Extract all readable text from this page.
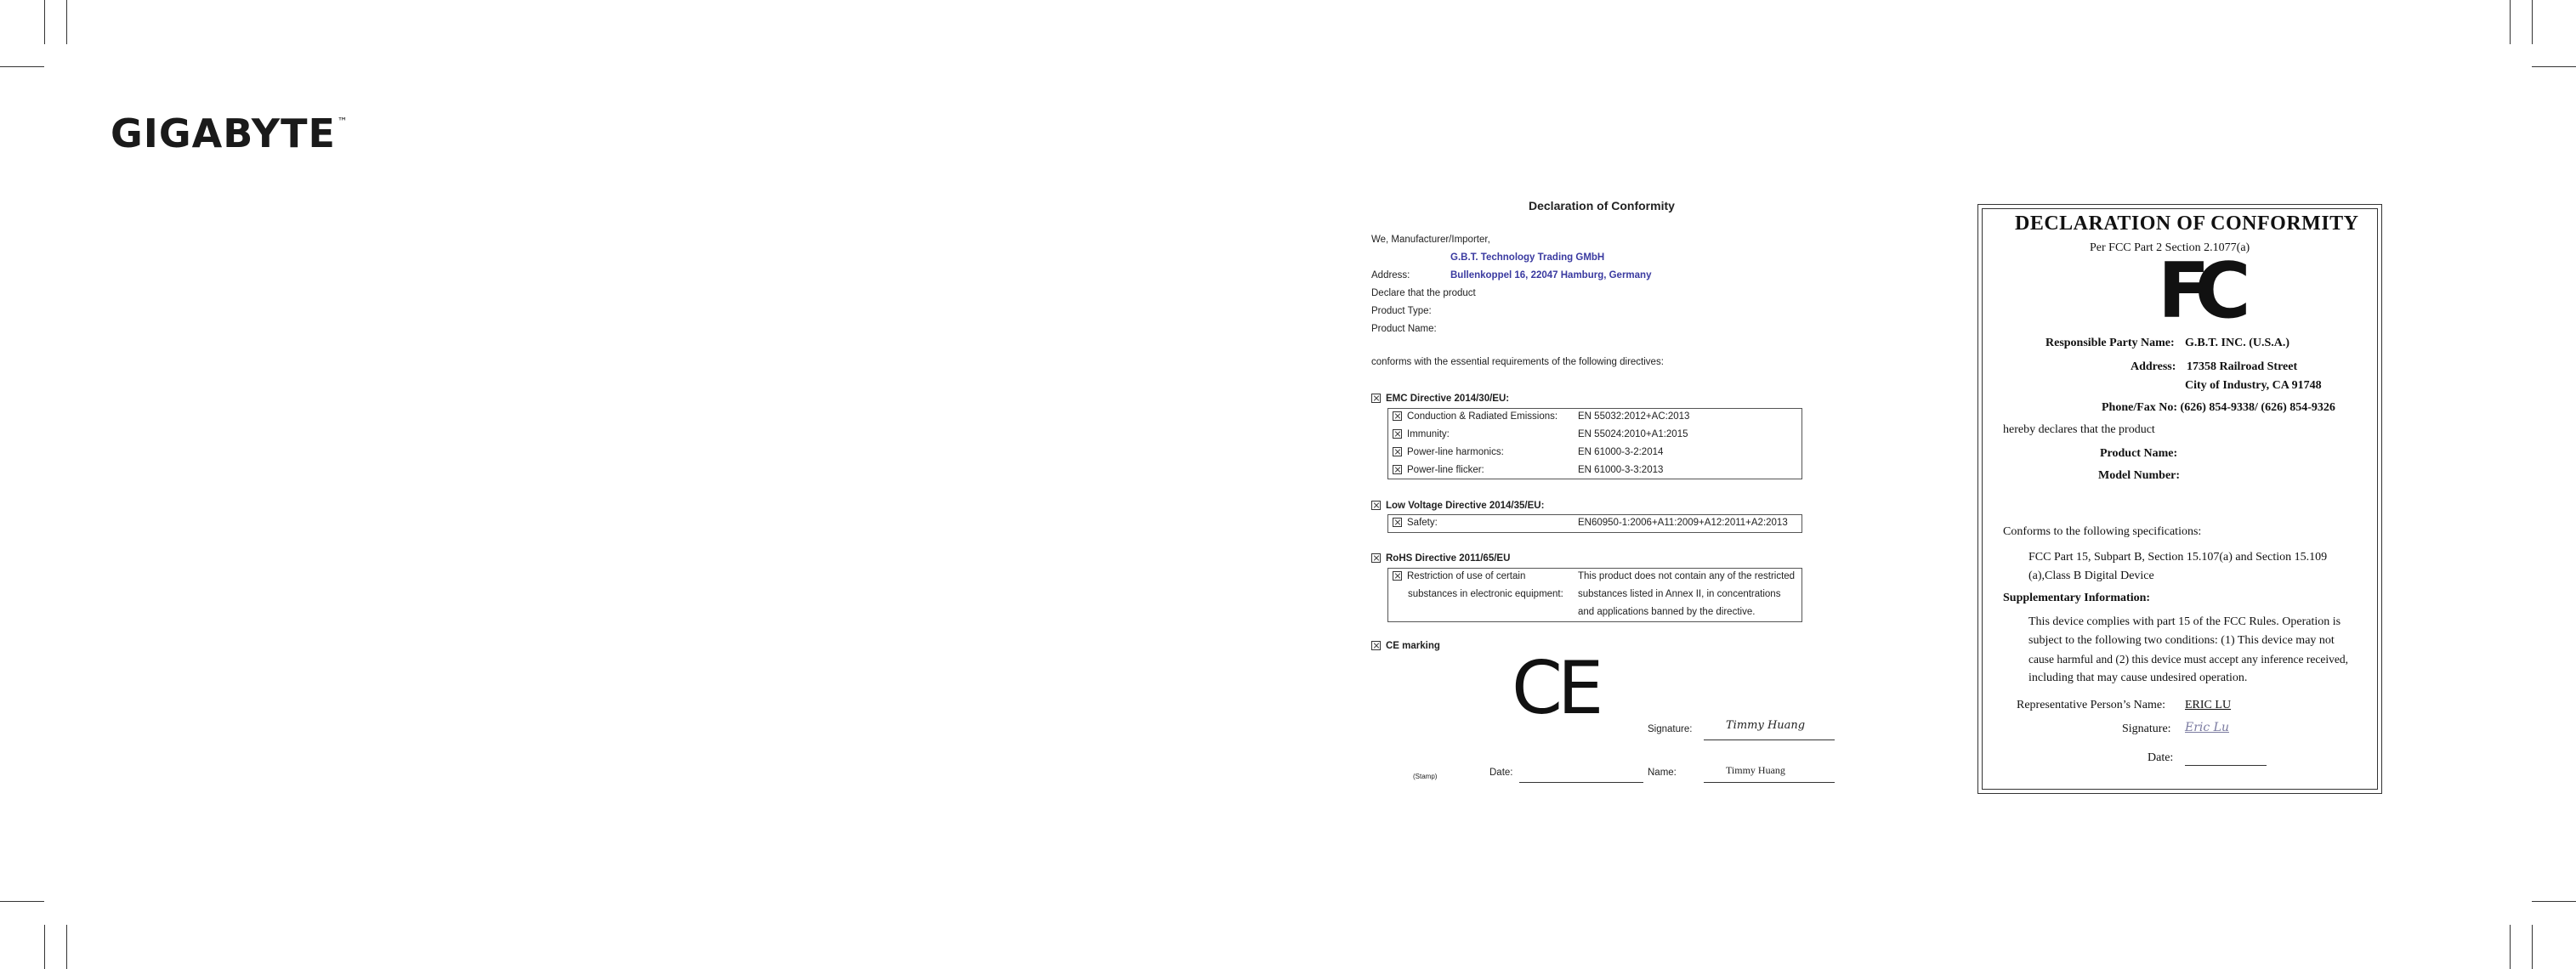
GIGABYTE ™
Declaration of Conformity
We, Manufacturer/Importer,
G.B.T. Technology Trading GMbH
Address:	Bullenkoppel 16, 22047 Hamburg, Germany
Declare that the product
Product Type:
Product Name:
conforms with the essential requirements of the following directives:
EMC Directive 2014/30/EU:
Conduction & Radiated Emissions: EN 55032:2012+AC:2013
Immunity:	EN 55024:2010+A1:2015
Power-line harmonics:	EN 61000-3-2:2014
Power-line flicker:	EN 61000-3-3:2013
Low Voltage Directive 2014/35/EU:
Safety:	EN60950-1:2006+A11:2009+A12:2011+A2:2013
RoHS Directive 2011/65/EU
Restriction of use of certain
substances in electronic equipment:
This product does not contain any of the restricted
substances listed in Annex II, in concentrations
and applications banned by the directive.
CE marking CE	Signature:	Timmy Huang
(Stamp)	Date:	Name:	Timmy Huang
DECLARATION OF CONFORMITY
Per FCC Part 2 Section 2.1077(a)
FC
Responsible Party Name: G.B.T. INC. (U.S.A.)
Address: 17358 Railroad Street
City of Industry, CA 91748
Phone/Fax No: (626) 854-9338/ (626) 854-9326
hereby declares that the product
Product Name:
Model Number:
Conforms to the following specifications:
FCC Part 15, Subpart B, Section 15.107(a) and Section 15.109
(a),Class B Digital Device
Supplementary Information:
This device complies with part 15 of the FCC Rules. Operation is
subject to the following two conditions: (1) This device may not
cause harmful and (2) this device must accept any inference received,
including that may cause undesired operation.
Representative Person’s Name: ERIC LU
Signature: Eric Lu
Date:
